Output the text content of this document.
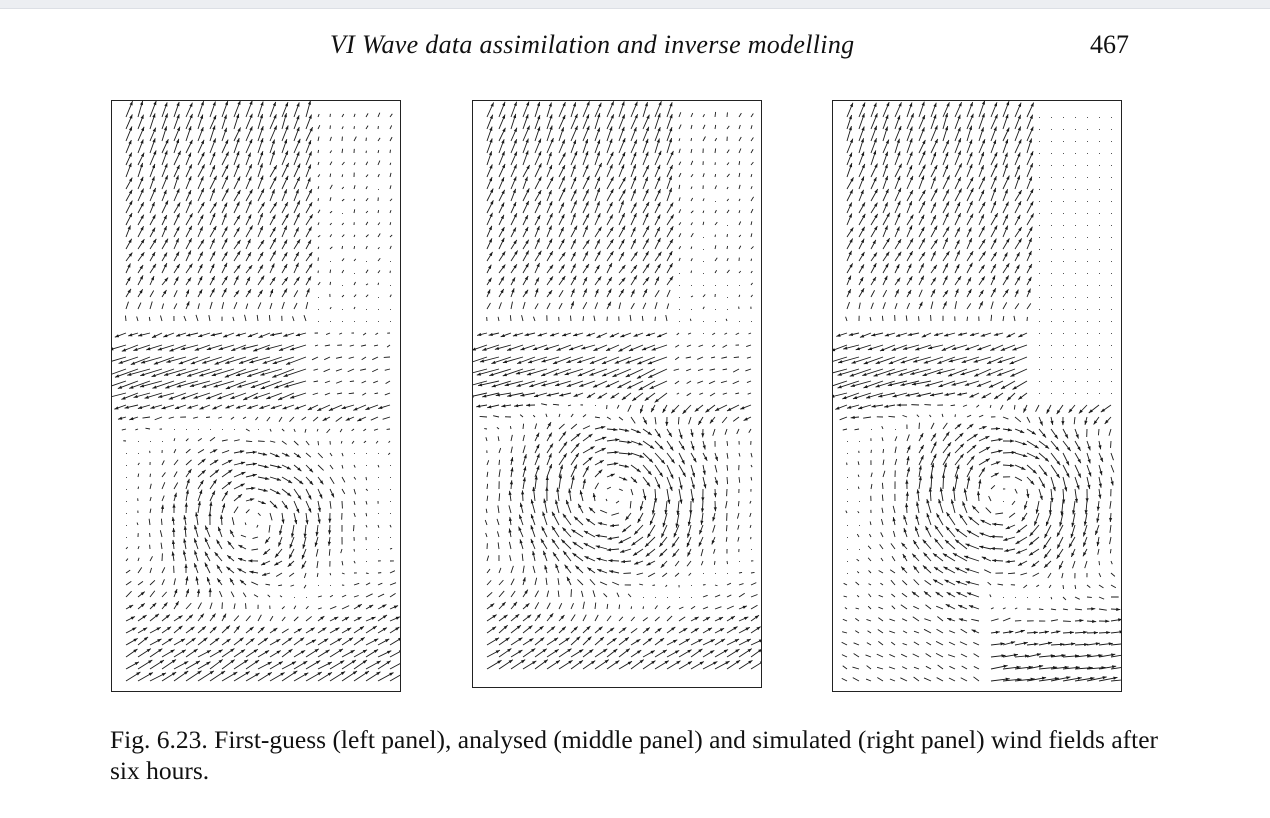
VI Wave data assimilation and inverse modelling	467
Fig. 6.23. First-guess (left panel), analysed (middle panel) and simulated (right panel) wind fields after six hours.
